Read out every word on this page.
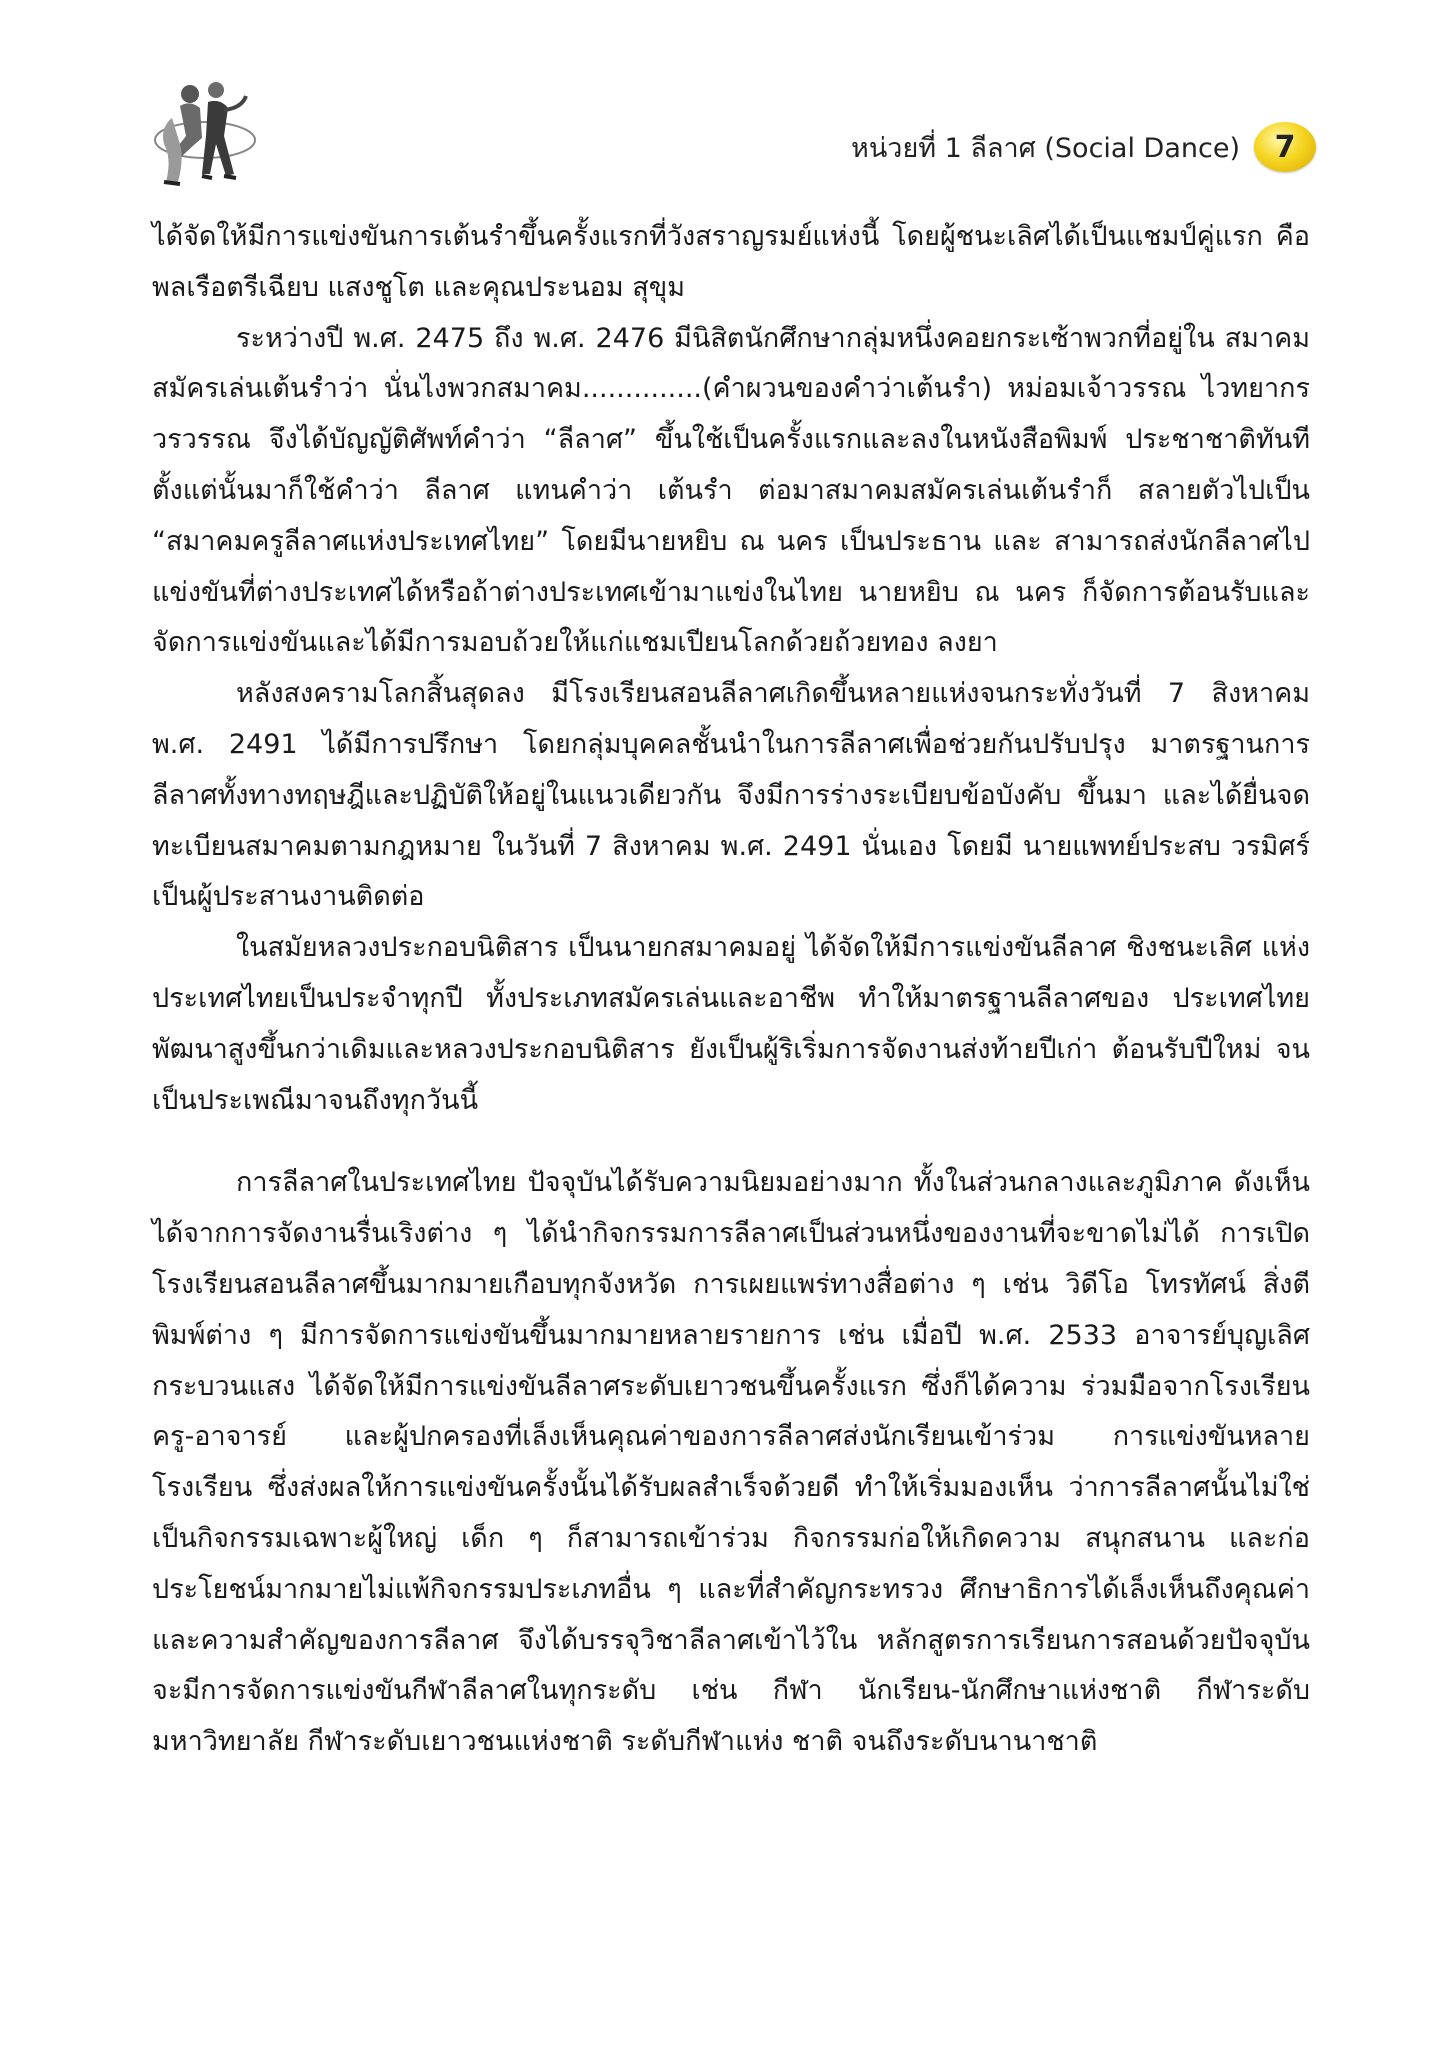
หน่วยที่ 1 ลีลาศ (Social Dance)	7

ได้จัดให้มีการแข่งขันการเต้นรำขึ้นครั้งแรกที่วังสราญรมย์แห่งนี้ โดยผู้ชนะเลิศได้เป็นแชมป์คู่แรก คือ พลเรือตรีเฉียบ แสงชูโต และคุณประนอม สุขุม

ระหว่างปี พ.ศ. 2475 ถึง พ.ศ. 2476 มีนิสิตนักศึกษากลุ่มหนึ่งคอยกระเซ้าพวกที่อยู่ใน สมาคมสมัครเล่นเต้นรำว่า นั่นไงพวกสมาคม..............(คำผวนของคำว่าเต้นรำ) หม่อมเจ้าวรรณ ไวทยากรวรวรรณ จึงได้บัญญัติศัพท์คำว่า “ลีลาศ” ขึ้นใช้เป็นครั้งแรกและลงในหนังสือพิมพ์ ประชาชาติทันที ตั้งแต่นั้นมาก็ใช้คำว่า ลีลาศ แทนคำว่า เต้นรำ ต่อมาสมาคมสมัครเล่นเต้นรำก็ สลายตัวไปเป็น “สมาคมครูลีลาศแห่งประเทศไทย” โดยมีนายหยิบ ณ นคร เป็นประธาน และ สามารถส่งนักลีลาศไปแข่งขันที่ต่างประเทศได้หรือถ้าต่างประเทศเข้ามาแข่งในไทย นายหยิบ ณ นคร ก็จัดการต้อนรับและจัดการแข่งขันและได้มีการมอบถ้วยให้แก่แชมเปียนโลกด้วยถ้วยทอง ลงยา

หลังสงครามโลกสิ้นสุดลง มีโรงเรียนสอนลีลาศเกิดขึ้นหลายแห่งจนกระทั่งวันที่ 7 สิงหาคม พ.ศ. 2491 ได้มีการปรึกษา โดยกลุ่มบุคคลชั้นนำในการลีลาศเพื่อช่วยกันปรับปรุง มาตรฐานการลีลาศทั้งทางทฤษฎีและปฏิบัติให้อยู่ในแนวเดียวกัน จึงมีการร่างระเบียบข้อบังคับ ขึ้นมา และได้ยื่นจดทะเบียนสมาคมตามกฎหมาย ในวันที่ 7 สิงหาคม พ.ศ. 2491 นั่นเอง โดยมี นายแพทย์ประสบ วรมิศร์ เป็นผู้ประสานงานติดต่อ

ในสมัยหลวงประกอบนิติสาร เป็นนายกสมาคมอยู่ ได้จัดให้มีการแข่งขันลีลาศ ชิงชนะเลิศ แห่งประเทศไทยเป็นประจำทุกปี ทั้งประเภทสมัครเล่นและอาชีพ ทำให้มาตรฐานลีลาศของ ประเทศไทยพัฒนาสูงขึ้นกว่าเดิมและหลวงประกอบนิติสาร ยังเป็นผู้ริเริ่มการจัดงานส่งท้ายปีเก่า ต้อนรับปีใหม่ จนเป็นประเพณีมาจนถึงทุกวันนี้

การลีลาศในประเทศไทย ปัจจุบันได้รับความนิยมอย่างมาก ทั้งในส่วนกลางและภูมิภาค ดังเห็นได้จากการจัดงานรื่นเริงต่าง ๆ ได้นำกิจกรรมการลีลาศเป็นส่วนหนึ่งของงานที่จะขาดไม่ได้ การเปิดโรงเรียนสอนลีลาศขึ้นมากมายเกือบทุกจังหวัด การเผยแพร่ทางสื่อต่าง ๆ เช่น วิดีโอ โทรทัศน์ สิ่งตีพิมพ์ต่าง ๆ มีการจัดการแข่งขันขึ้นมากมายหลายรายการ เช่น เมื่อปี พ.ศ. 2533 อาจารย์บุญเลิศ กระบวนแสง ได้จัดให้มีการแข่งขันลีลาศระดับเยาวชนขึ้นครั้งแรก ซึ่งก็ได้ความ ร่วมมือจากโรงเรียน ครู-อาจารย์ และผู้ปกครองที่เล็งเห็นคุณค่าของการลีลาศส่งนักเรียนเข้าร่วม การแข่งขันหลายโรงเรียน ซึ่งส่งผลให้การแข่งขันครั้งนั้นได้รับผลสำเร็จด้วยดี ทำให้เริ่มมองเห็น ว่าการลีลาศนั้นไม่ใช่เป็นกิจกรรมเฉพาะผู้ใหญ่ เด็ก ๆ ก็สามารถเข้าร่วม กิจกรรมก่อให้เกิดความ สนุกสนาน และก่อประโยชน์มากมายไม่แพ้กิจกรรมประเภทอื่น ๆ และที่สำคัญกระทรวง ศึกษาธิการได้เล็งเห็นถึงคุณค่าและความสำคัญของการลีลาศ จึงได้บรรจุวิชาลีลาศเข้าไว้ใน หลักสูตรการเรียนการสอนด้วยปัจจุบันจะมีการจัดการแข่งขันกีฬาลีลาศในทุกระดับ เช่น กีฬา นักเรียน-นักศึกษาแห่งชาติ กีฬาระดับมหาวิทยาลัย กีฬาระดับเยาวชนแห่งชาติ ระดับกีฬาแห่ง ชาติ จนถึงระดับนานาชาติ
